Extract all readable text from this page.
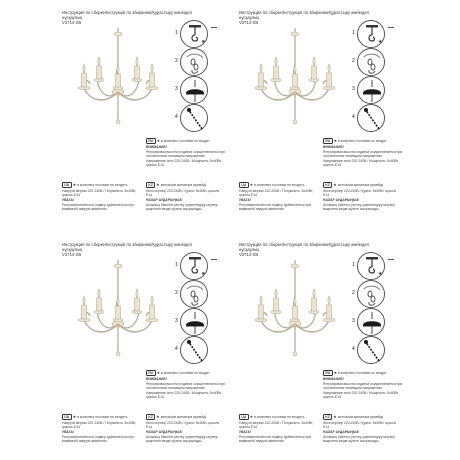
Инструкция по сборке/Інструкція по збиранню/Құрастыру жөніндегі нұсқаулық
V3714-3/5
1
★
2
3
4
RU ★в комплект поставки не входит
ВНИМАНИЕ!
Регулировка высоты подвеса осуществляется при отключенном питающем напряжении.
Напряжение сети 220-240В / Мощность: 5х40Вт, цоколь Е14
UA ★в комплект поставки не входить
Напруга мережі 220-240В / Потужність: 5х40Вт, цоколь Е14
УВАГА!
Регулювання висоти підвісу здійснюється при вимкненій напрузі живлення.
KZ ★жеткізілім жинағына кірмейді
Желі кернеуі 220-240В / Қуаты: 5х40Вт, цоколь Е14
НАЗАР АУДАРЫҢЫЗ!
Аспаның биіктігін реттеу қоректендіру кернеуі өшірілген кезде жүзеге асырылады.
Инструкция по сборке/Інструкція по збиранню/Құрастыру жөніндегі нұсқаулық
V3714-3/5
1
★
2
3
4
RU ★в комплект поставки не входит
ВНИМАНИЕ!
Регулировка высоты подвеса осуществляется при отключенном питающем напряжении.
Напряжение сети 220-240В / Мощность: 5х40Вт, цоколь Е14
UA ★в комплект поставки не входить
Напруга мережі 220-240В / Потужність: 5х40Вт, цоколь Е14
УВАГА!
Регулювання висоти підвісу здійснюється при вимкненій напрузі живлення.
KZ ★жеткізілім жинағына кірмейді
Желі кернеуі 220-240В / Қуаты: 5х40Вт, цоколь Е14
НАЗАР АУДАРЫҢЫЗ!
Аспаның биіктігін реттеу қоректендіру кернеуі өшірілген кезде жүзеге асырылады.
Инструкция по сборке/Інструкція по збиранню/Құрастыру жөніндегі нұсқаулық
V3714-3/5
1
★
2
3
4
RU ★в комплект поставки не входит
ВНИМАНИЕ!
Регулировка высоты подвеса осуществляется при отключенном питающем напряжении.
Напряжение сети 220-240В / Мощность: 5х40Вт, цоколь Е14
UA ★в комплект поставки не входить
Напруга мережі 220-240В / Потужність: 5х40Вт, цоколь Е14
УВАГА!
Регулювання висоти підвісу здійснюється при вимкненій напрузі живлення.
KZ ★жеткізілім жинағына кірмейді
Желі кернеуі 220-240В / Қуаты: 5х40Вт, цоколь Е14
НАЗАР АУДАРЫҢЫЗ!
Аспаның биіктігін реттеу қоректендіру кернеуі өшірілген кезде жүзеге асырылады.
Инструкция по сборке/Інструкція по збиранню/Құрастыру жөніндегі нұсқаулық
V3714-3/5
1
★
2
3
4
RU ★в комплект поставки не входит
ВНИМАНИЕ!
Регулировка высоты подвеса осуществляется при отключенном питающем напряжении.
Напряжение сети 220-240В / Мощность: 5х40Вт, цоколь Е14
UA ★в комплект поставки не входить
Напруга мережі 220-240В / Потужність: 5х40Вт, цоколь Е14
УВАГА!
Регулювання висоти підвісу здійснюється при вимкненій напрузі живлення.
KZ ★жеткізілім жинағына кірмейді
Желі кернеуі 220-240В / Қуаты: 5х40Вт, цоколь Е14
НАЗАР АУДАРЫҢЫЗ!
Аспаның биіктігін реттеу қоректендіру кернеуі өшірілген кезде жүзеге асырылады.
